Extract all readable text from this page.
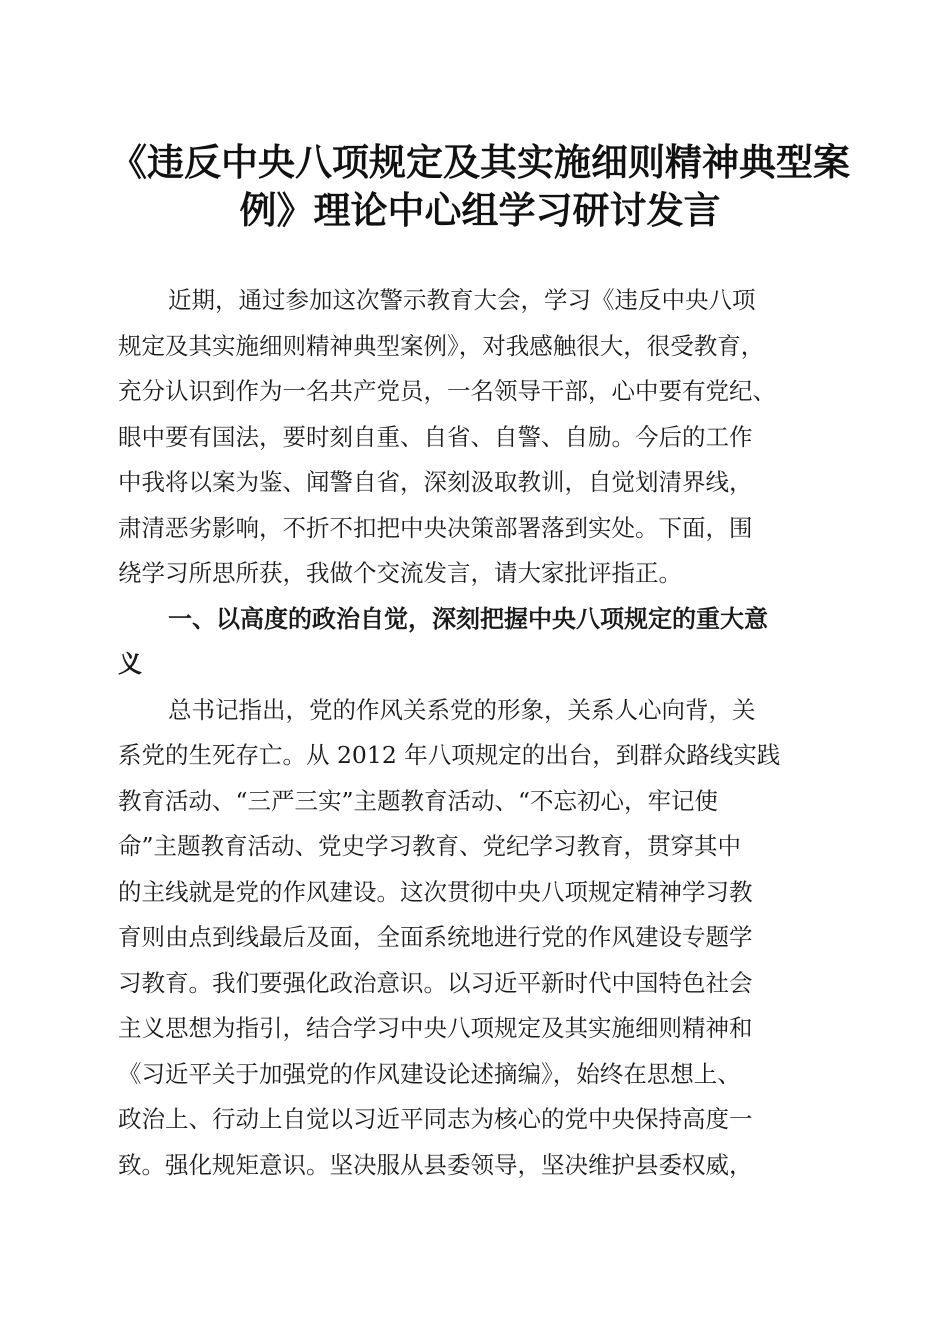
《违反中央八项规定及其实施细则精神典型案
例》理论中心组学习研讨发言
近期，通过参加这次警示教育大会，学习《违反中央八项
规定及其实施细则精神典型案例》，对我感触很大，很受教育，
充分认识到作为一名共产党员，一名领导干部，心中要有党纪、
眼中要有国法，要时刻自重、自省、自警、自励。今后的工作
中我将以案为鉴、闻警自省，深刻汲取教训，自觉划清界线，
肃清恶劣影响，不折不扣把中央决策部署落到实处。下面，围
绕学习所思所获，我做个交流发言，请大家批评指正。
一、以高度的政治自觉，深刻把握中央八项规定的重大意
义
总书记指出，党的作风关系党的形象，关系人心向背，关
系党的生死存亡。从 2012 年八项规定的出台，到群众路线实践
教育活动、“三严三实”主题教育活动、“不忘初心，牢记使
命”主题教育活动、党史学习教育、党纪学习教育，贯穿其中
的主线就是党的作风建设。这次贯彻中央八项规定精神学习教
育则由点到线最后及面，全面系统地进行党的作风建设专题学
习教育。我们要强化政治意识。以习近平新时代中国特色社会
主义思想为指引，结合学习中央八项规定及其实施细则精神和
《习近平关于加强党的作风建设论述摘编》，始终在思想上、
政治上、行动上自觉以习近平同志为核心的党中央保持高度一
致。强化规矩意识。坚决服从县委领导，坚决维护县委权威，
